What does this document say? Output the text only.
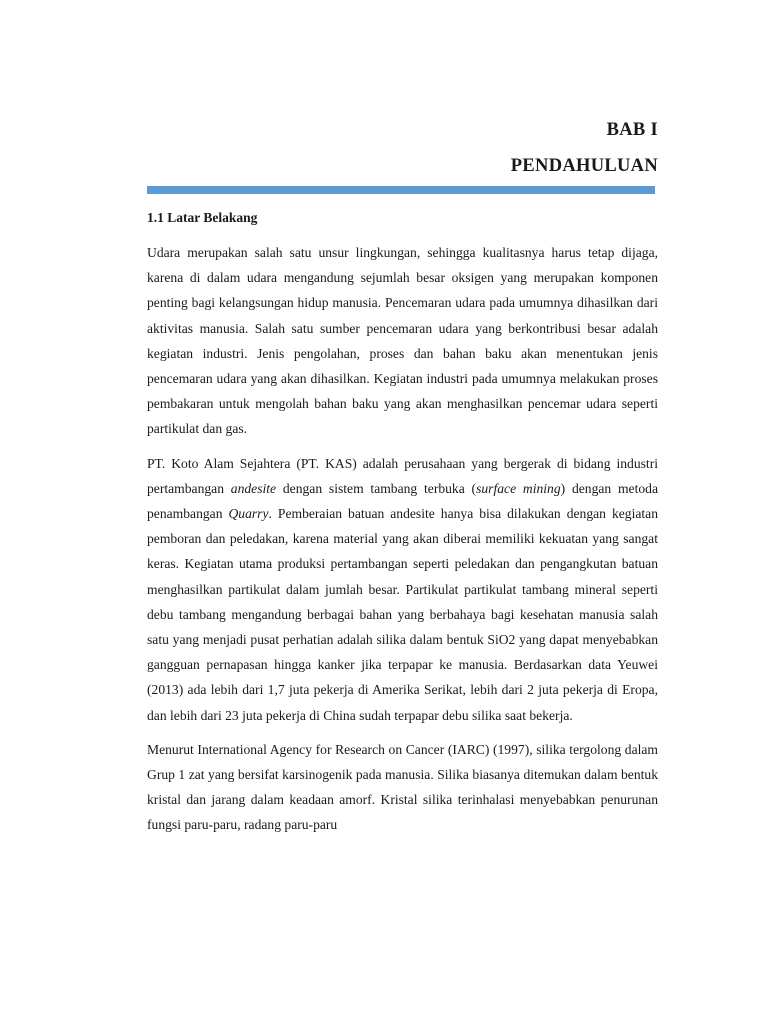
BAB I
PENDAHULUAN
1.1 Latar Belakang

Udara merupakan salah satu unsur lingkungan, sehingga kualitasnya harus tetap dijaga, karena di dalam udara mengandung sejumlah besar oksigen yang merupakan komponen penting bagi kelangsungan hidup manusia. Pencemaran udara pada umumnya dihasilkan dari aktivitas manusia. Salah satu sumber pencemaran udara yang berkontribusi besar adalah kegiatan industri. Jenis pengolahan, proses dan bahan baku akan menentukan jenis pencemaran udara yang akan dihasilkan. Kegiatan industri pada umumnya melakukan proses pembakaran untuk mengolah bahan baku yang akan menghasilkan pencemar udara seperti partikulat dan gas.

PT. Koto Alam Sejahtera (PT. KAS) adalah perusahaan yang bergerak di bidang industri pertambangan andesite dengan sistem tambang terbuka (surface mining) dengan metoda penambangan Quarry. Pemberaian batuan andesite hanya bisa dilakukan dengan kegiatan pemboran dan peledakan, karena material yang akan diberai memiliki kekuatan yang sangat keras. Kegiatan utama produksi pertambangan seperti peledakan dan pengangkutan batuan menghasilkan partikulat dalam jumlah besar. Partikulat partikulat tambang mineral seperti debu tambang mengandung berbagai bahan yang berbahaya bagi kesehatan manusia salah satu yang menjadi pusat perhatian adalah silika dalam bentuk SiO2 yang dapat menyebabkan gangguan pernapasan hingga kanker jika terpapar ke manusia. Berdasarkan data Yeuwei (2013) ada lebih dari 1,7 juta pekerja di Amerika Serikat, lebih dari 2 juta pekerja di Eropa, dan lebih dari 23 juta pekerja di China sudah terpapar debu silika saat bekerja.

Menurut International Agency for Research on Cancer (IARC) (1997), silika tergolong dalam Grup 1 zat yang bersifat karsinogenik pada manusia. Silika biasanya ditemukan dalam bentuk kristal dan jarang dalam keadaan amorf. Kristal silika terinhalasi menyebabkan penurunan fungsi paru-paru, radang paru-paru
